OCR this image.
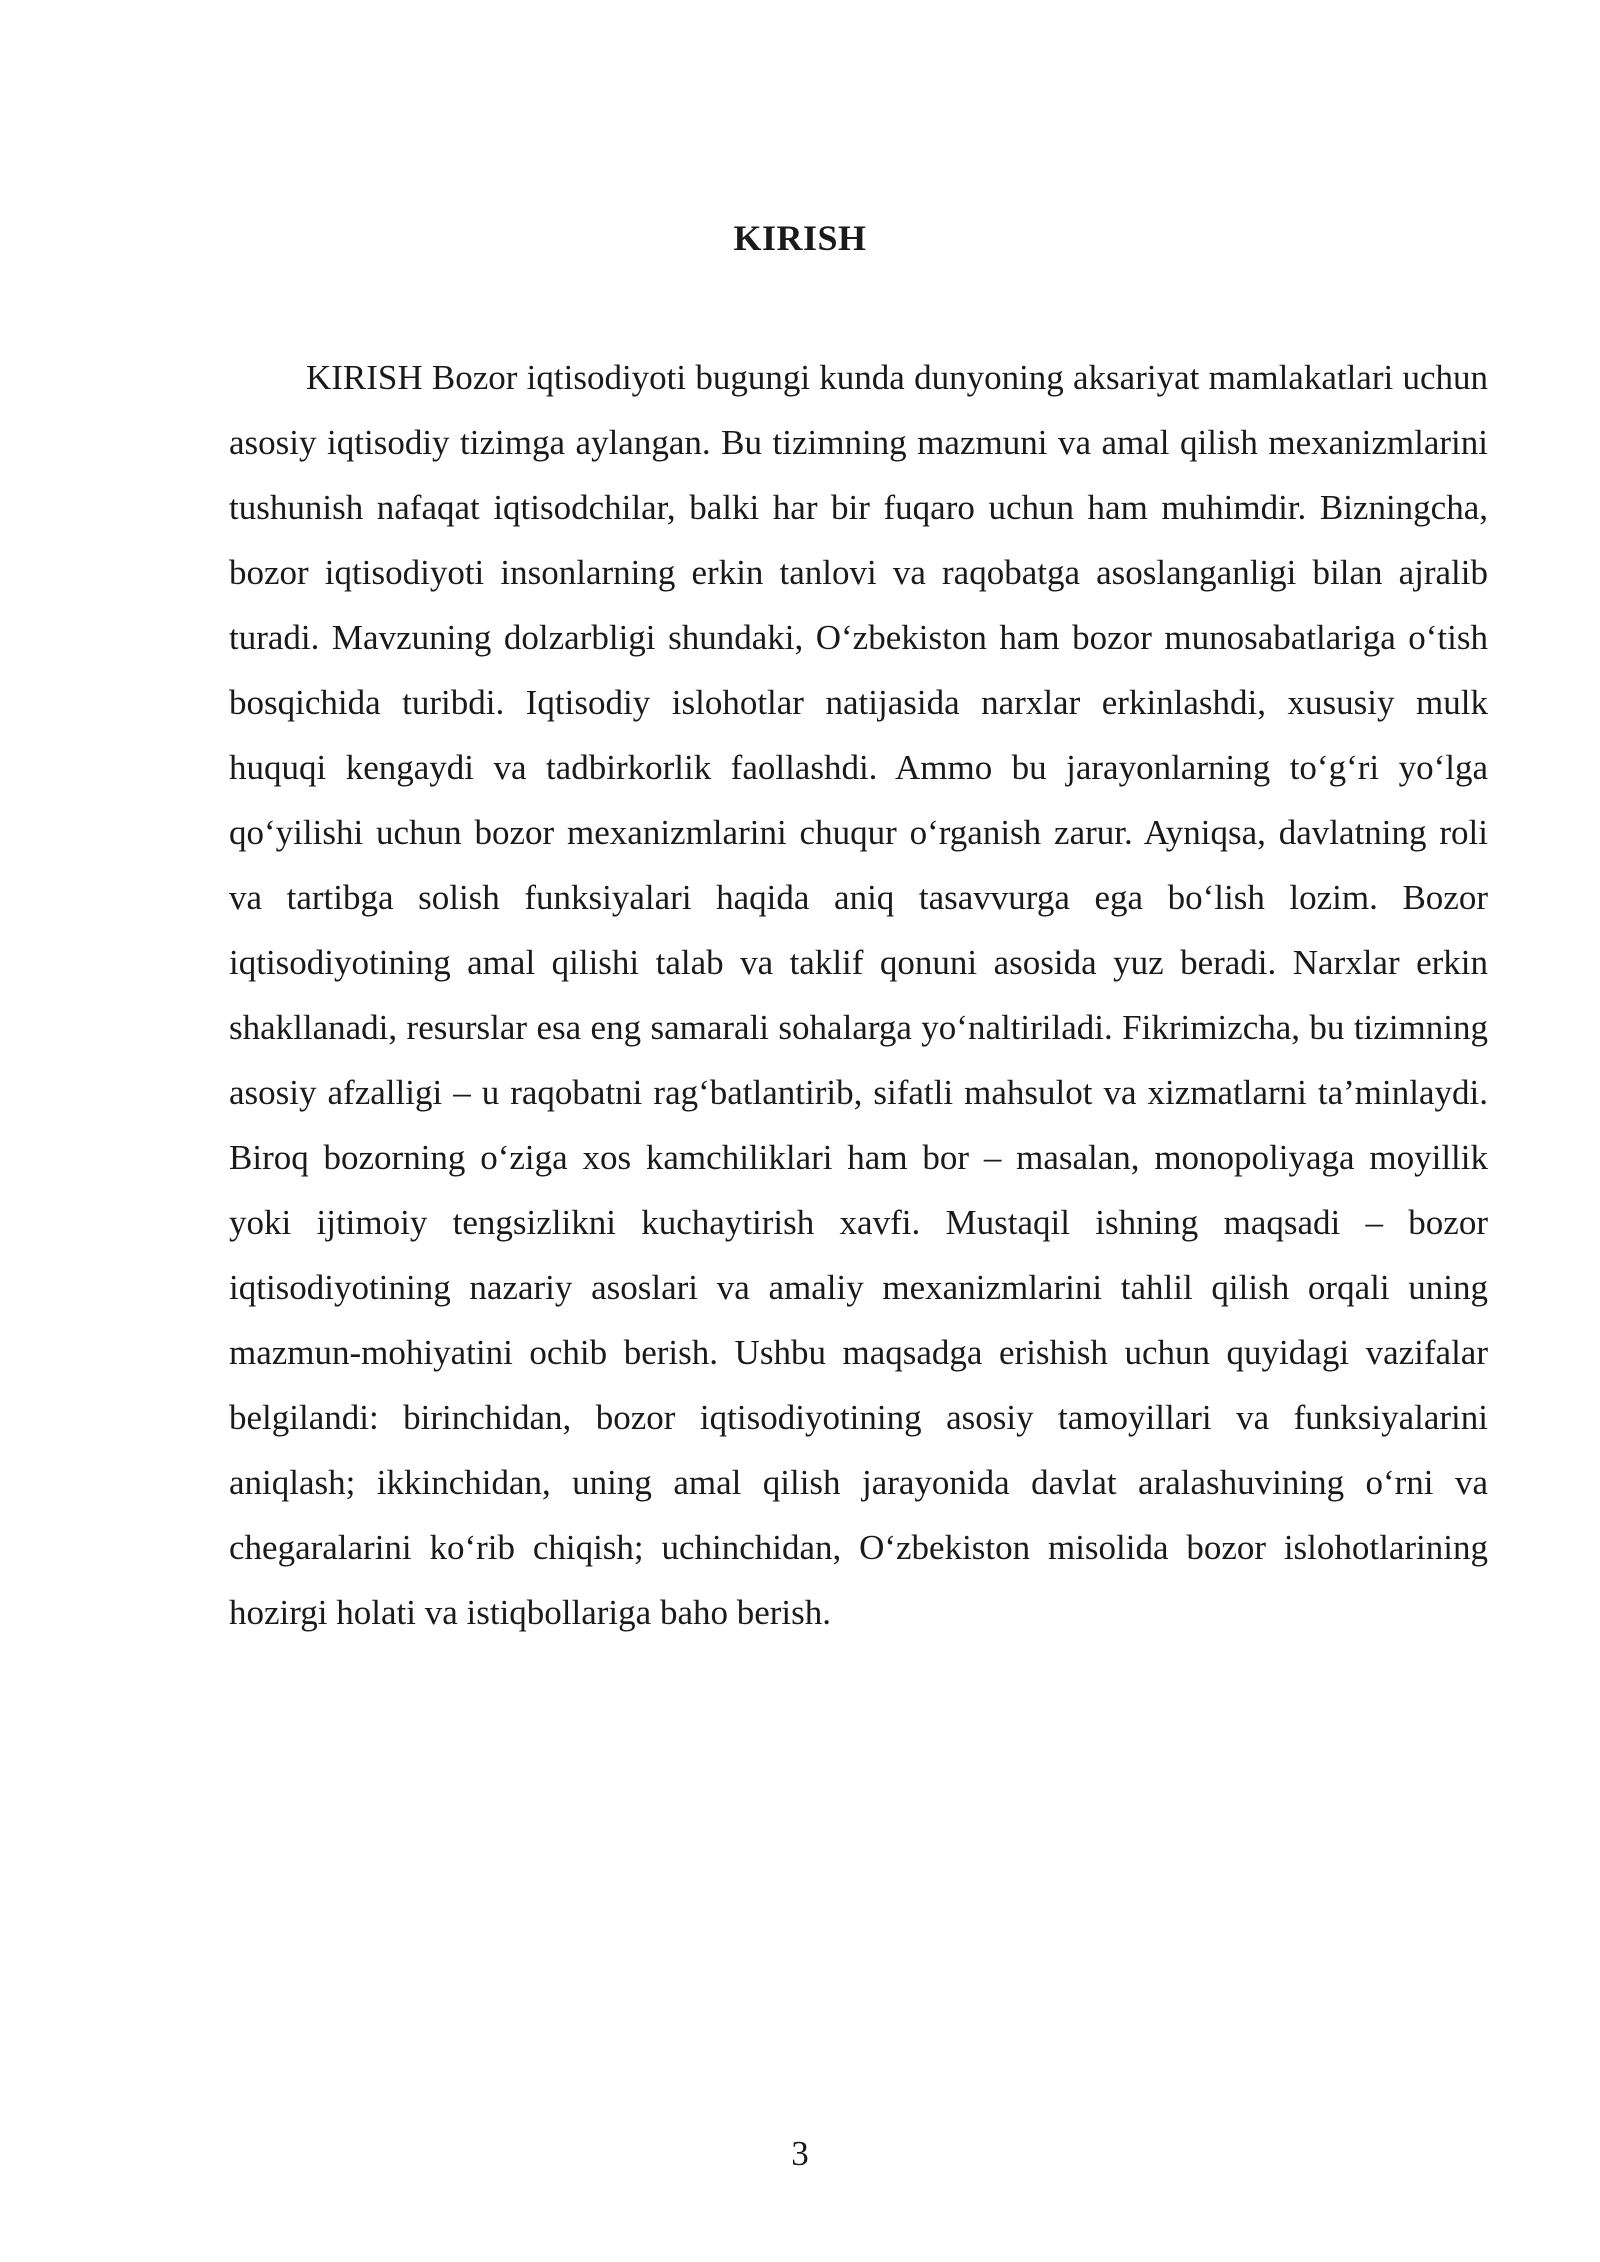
KIRISH

KIRISH Bozor iqtisodiyoti bugungi kunda dunyoning aksariyat mamlakatlari uchun asosiy iqtisodiy tizimga aylangan. Bu tizimning mazmuni va amal qilish mexanizmlarini tushunish nafaqat iqtisodchilar, balki har bir fuqaro uchun ham muhimdir. Bizningcha, bozor iqtisodiyoti insonlarning erkin tanlovi va raqobatga asoslanganligi bilan ajralib turadi. Mavzuning dolzarbligi shundaki, O‘zbekiston ham bozor munosabatlariga o‘tish bosqichida turibdi. Iqtisodiy islohotlar natijasida narxlar erkinlashdi, xususiy mulk huquqi kengaydi va tadbirkorlik faollashdi. Ammo bu jarayonlarning to‘g‘ri yo‘lga qo‘yilishi uchun bozor mexanizmlarini chuqur o‘rganish zarur. Ayniqsa, davlatning roli va tartibga solish funksiyalari haqida aniq tasavvurga ega bo‘lish lozim. Bozor iqtisodiyotining amal qilishi talab va taklif qonuni asosida yuz beradi. Narxlar erkin shakllanadi, resurslar esa eng samarali sohalarga yo‘naltiriladi. Fikrimizcha, bu tizimning asosiy afzalligi – u raqobatni rag‘batlantirib, sifatli mahsulot va xizmatlarni ta’minlaydi. Biroq bozorning o‘ziga xos kamchiliklari ham bor – masalan, monopoliyaga moyillik yoki ijtimoiy tengsizlikni kuchaytirish xavfi. Mustaqil ishning maqsadi – bozor iqtisodiyotining nazariy asoslari va amaliy mexanizmlarini tahlil qilish orqali uning mazmun-mohiyatini ochib berish. Ushbu maqsadga erishish uchun quyidagi vazifalar belgilandi: birinchidan, bozor iqtisodiyotining asosiy tamoyillari va funksiyalarini aniqlash; ikkinchidan, uning amal qilish jarayonida davlat aralashuvining o‘rni va chegaralarini ko‘rib chiqish; uchinchidan, O‘zbekiston misolida bozor islohotlarining hozirgi holati va istiqbollariga baho berish.

3
